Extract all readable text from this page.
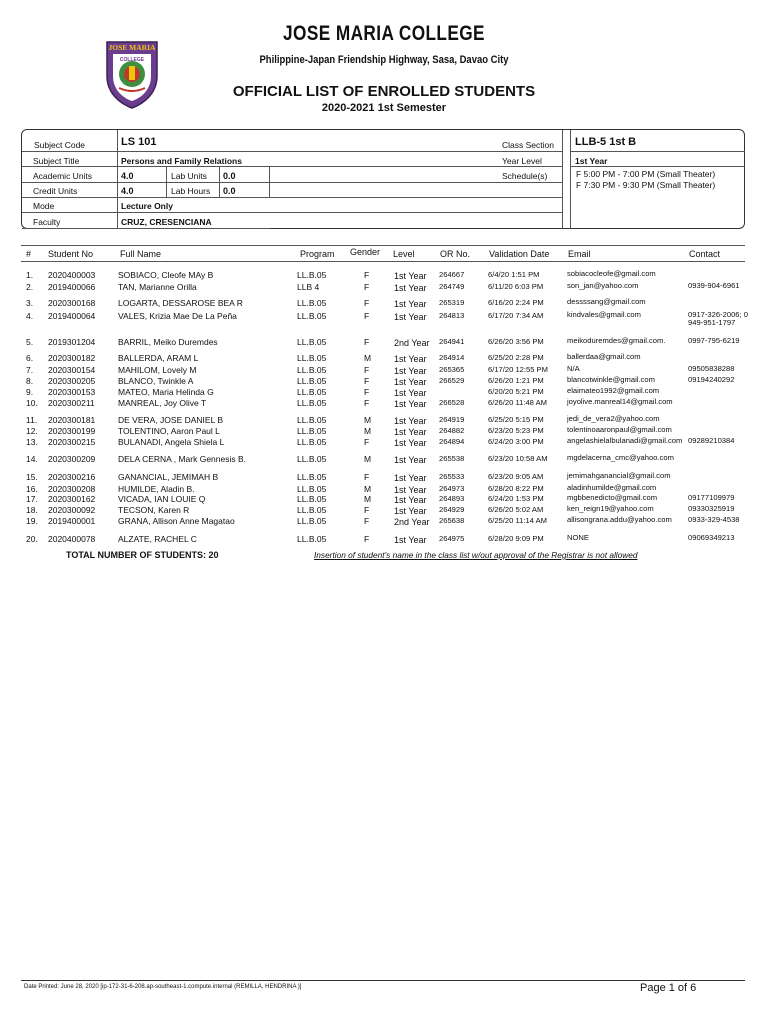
JOSE MARIA
COLLEGE
JOSE MARIA COLLEGE
Philippine-Japan Friendship Highway, Sasa, Davao City
OFFICIAL LIST OF ENROLLED STUDENTS
2020-2021 1st Semester
Subject Code	LS 101
Subject Title	Persons and Family Relations
Academic Units	4.0	Lab Units 0.0
Credit Units	4.0	Lab Hours 0.0
Mode	Lecture Only
Faculty	CRUZ, CRESENCIANA
Class Section LLB-5 1st B
Year Level	1st Year
Schedule(s)	F 5:00 PM - 7:00 PM (Small Theater)
F 7:30 PM - 9:30 PM (Small Theater)
# Student No	Full Name	Program Gender Level	OR No. Validation Date Email	Contact
1. 2020400003	SOBIACO, Cleofe MAy B	LL.B.05	F	1st Year 264667	6/4/20 1:51 PM	sobiacocleofe@gmail.com
2. 2019400066	TAN, Marianne Orilla	LLB 4	F	1st Year 264749	6/11/20 6:03 PM	son_jan@yahoo.com	0939-904-6961
3. 2020300168	LOGARTA, DESSAROSE BEA R	LL.B.05	F	1st Year 265319	6/16/20 2:24 PM	dessssang@gmail.com
4. 2019400064	VALES, Krizia Mae De La Peña	LL.B.05	F	1st Year 264813	6/17/20 7:34 AM	kindvales@gmail.com	0917-326-2006; 0949-951-1797
5. 2019301204	BARRIL, Meiko Duremdes	LL.B.05	F	2nd Year 264941	6/26/20 3:56 PM	meikoduremdes@gmail.com.	0997-795-6219
6. 2020300182	BALLERDA, ARAM L	LL.B.05	M	1st Year 264914	6/25/20 2:28 PM	ballerdaa@gmail.com
7. 2020300154	MAHILOM, Lovely M	LL.B.05	F	1st Year 265365	6/17/20 12:55 PM	N/A	09505838288
8. 2020300205	BLANCO, Twinkle A	LL.B.05	F	1st Year 266529	6/26/20 1:21 PM	blancotwinkle@gmail.com	09194240292
9. 2020300153	MATEO, Maria Helinda G	LL.B.05	F	1st Year	6/20/20 5:21 PM	elaimateo1992@gmail.com
10. 2020300211	MANREAL, Joy Olive T	LL.B.05	F	1st Year 266528	6/26/20 11:48 AM	joyolive.manreal14@gmail.com
11. 2020300181	DE VERA, JOSE DANIEL B	LL.B.05	M	1st Year 264919	6/25/20 5:15 PM	jedi_de_vera2@yahoo.com
12. 2020300199	TOLENTINO, Aaron Paul L	LL.B.05	M	1st Year 264882	6/23/20 5:23 PM	tolentinoaaronpaul@gmail.com
13. 2020300215	BULANADI, Angela Shiela L	LL.B.05	F	1st Year 264894	6/24/20 3:00 PM	angelashielalbulanadi@gmail.com 09289210384
14. 2020300209	DELA CERNA , Mark Gennesis B.	LL.B.05	M	1st Year 265538	6/23/20 10:58 AM	mgdelacerna_cmc@yahoo.com
15. 2020300216	GANANCIAL, JEMIMAH B	LL.B.05	F	1st Year 265533	6/23/20 9:05 AM	jemimahganancial@gmail.com
16. 2020300208	HUMILDE, Aladin B.	LL.B.05	M	1st Year 264973	6/28/20 8:22 PM	aladinhumilde@gmail.com
17. 2020300162	VICADA, IAN LOUIE Q	LL.B.05	M	1st Year 264893	6/24/20 1:53 PM	mgbbenedicto@gmail.com	09177109979
18. 2020300092	TECSON, Karen R	LL.B.05	F	1st Year 264929	6/26/20 5:02 AM	ken_reign19@yahoo.com	09330325919
19. 2019400001	GRANA, Allison Anne Magatao	LL.B.05	F	2nd Year 265638	6/25/20 11:14 AM	allisongrana.addu@yahoo.com	0933-329-4538
20. 2020400078	ALZATE, RACHEL C	LL.B.05	F	1st Year 264975	6/28/20 9:09 PM	NONE	09069349213
TOTAL NUMBER OF STUDENTS: 20	Insertion of student's name in the class list w/out approval of the Registrar is not allowed
Date Printed: June 28, 2020 [ip-172-31-6-208.ap-southeast-1.compute.internal (REMILLA, HENDRINA )]	Page 1 of 6
